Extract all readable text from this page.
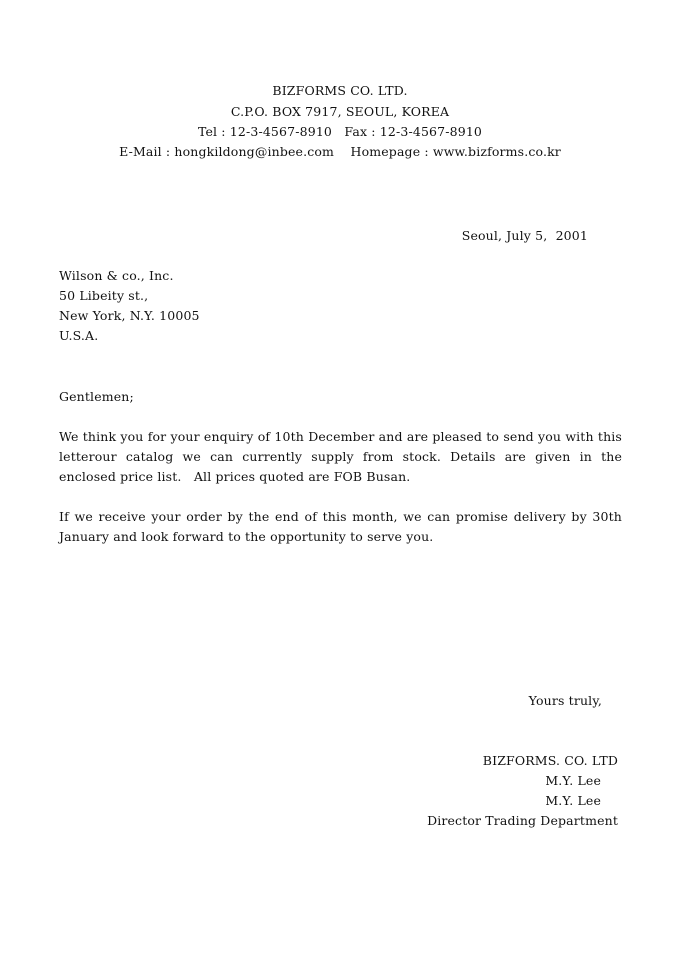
BIZFORMS CO. LTD.
C.P.O. BOX 7917, SEOUL, KOREA
Tel : 12-3-4567-8910   Fax : 12-3-4567-8910
E-Mail : hongkildong@inbee.com    Homepage : www.bizforms.co.kr
Seoul, July 5,  2001
Wilson & co., Inc.
50 Libeity st.,
New York, N.Y. 10005
U.S.A.
Gentlemen;

We think you for your enquiry of 10th December and are pleased to send you with this letterour catalog we can currently supply from stock. Details are given in the enclosed price list.   All prices quoted are FOB Busan.

If we receive your order by the end of this month, we can promise delivery by 30th January and look forward to the opportunity to serve you.

Yours truly,
BIZFORMS. CO. LTD
M.Y. Lee
M.Y. Lee
Director Trading Department
